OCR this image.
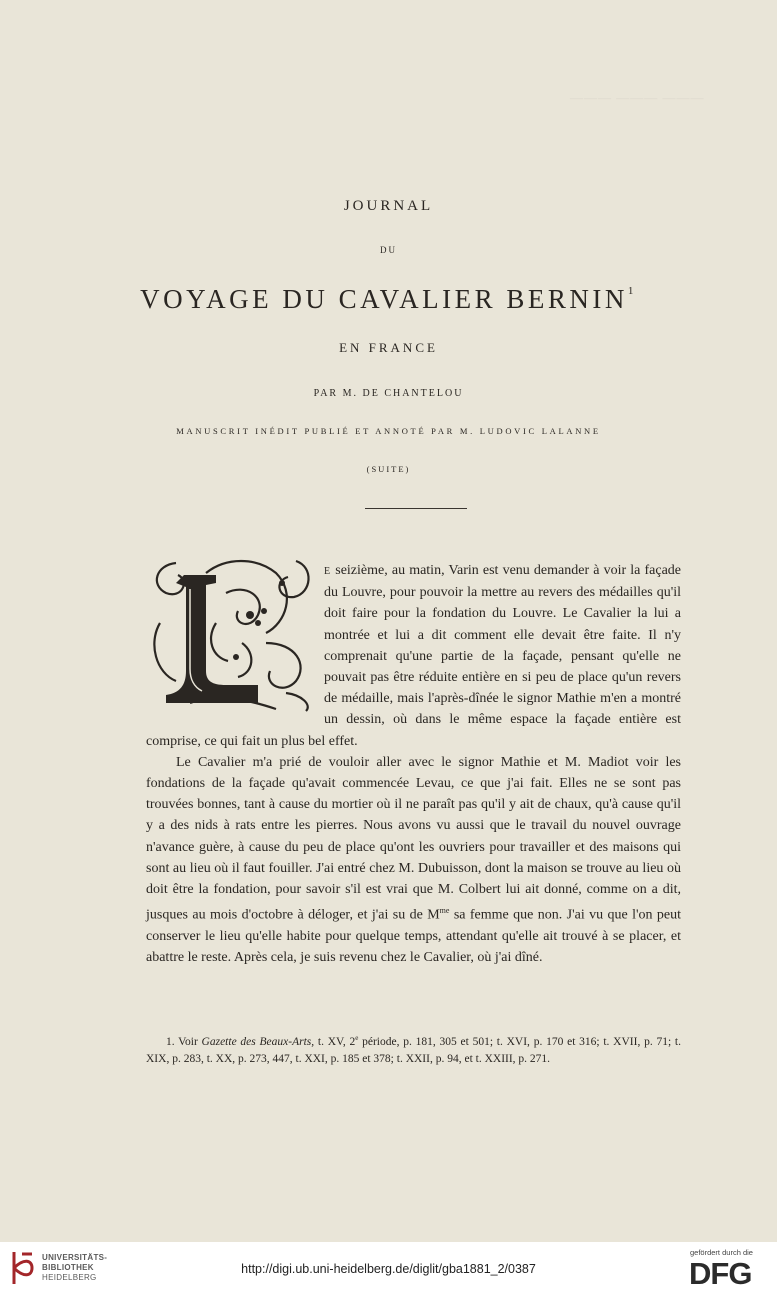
——— ——— ———
JOURNAL
DU
VOYAGE DU CAVALIER BERNIN$^1$
EN FRANCE
PAR M. DE CHANTELOU
MANUSCRIT INÉDIT PUBLIÉ ET ANNOTÉ PAR M. LUDOVIC LALANNE
(SUITE)

E seizième, au matin, Varin est venu demander à voir la façade du Louvre, pour pouvoir la mettre au revers des médailles qu'il doit faire pour la fondation du Louvre. Le Cavalier la lui a montrée et lui a dit comment elle devait être faite. Il n'y comprenait qu'une partie de la façade, pensant qu'elle ne pouvait pas être réduite entière en si peu de place qu'un revers de médaille, mais l'après-dînée le signor Mathie m'en a montré un dessin, où dans le même espace la façade entière est comprise, ce qui fait un plus bel effet.

Le Cavalier m'a prié de vouloir aller avec le signor Mathie et M. Madiot voir les fondations de la façade qu'avait commencée Levau, ce que j'ai fait. Elles ne se sont pas trouvées bonnes, tant à cause du mortier où il ne paraît pas qu'il y ait de chaux, qu'à cause qu'il y a des nids à rats entre les pierres. Nous avons vu aussi que le travail du nouvel ouvrage n'avance guère, à cause du peu de place qu'ont les ouvriers pour travailler et des maisons qui sont au lieu où il faut fouiller. J'ai entré chez M. Dubuisson, dont la maison se trouve au lieu où doit être la fondation, pour savoir s'il est vrai que M. Colbert lui ait donné, comme on a dit, jusques au mois d'octobre à déloger, et j'ai su de $M^{me}$ sa femme que non. J'ai vu que l'on peut conserver le lieu qu'elle habite pour quelque temps, attendant qu'elle ait trouvé à se placer, et abattre le reste. Après cela, je suis revenu chez le Cavalier, où j'ai dîné.

1. Voir Gazette des Beaux-Arts, t. XV, 2e période, p. 181, 305 et 501; t. XVI, p. 170 et 316; t. XVII, p. 71; t. XIX, p. 283, t. XX, p. 273, 447, t. XXI, p. 185 et 378; t. XXII, p. 94, et t. XXIII, p. 271.

UNIVERSITÄTS-
BIBLIOTHEK
HEIDELBERG
http://digi.ub.uni-heidelberg.de/diglit/gba1881_2/0387
gefördert durch die
DFG
